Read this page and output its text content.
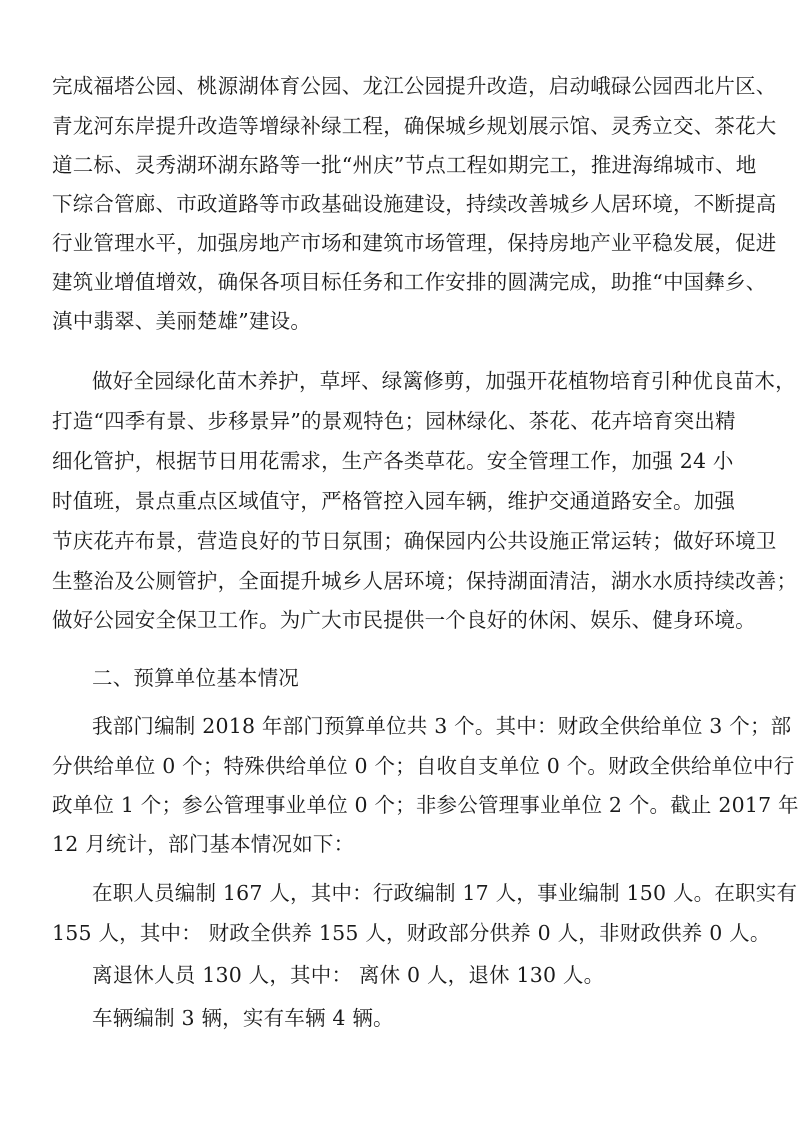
完成福塔公园、桃源湖体育公园、龙江公园提升改造，启动峨碌公园西北片区、
青龙河东岸提升改造等增绿补绿工程，确保城乡规划展示馆、灵秀立交、茶花大
道二标、灵秀湖环湖东路等一批“州庆”节点工程如期完工，推进海绵城市、地
下综合管廊、市政道路等市政基础设施建设，持续改善城乡人居环境，不断提高
行业管理水平，加强房地产市场和建筑市场管理，保持房地产业平稳发展，促进
建筑业增值增效，确保各项目标任务和工作安排的圆满完成，助推“中国彝乡、
滇中翡翠、美丽楚雄”建设。
做好全园绿化苗木养护，草坪、绿篱修剪，加强开花植物培育引种优良苗木，
打造“四季有景、步移景异”的景观特色；园林绿化、茶花、花卉培育突出精
细化管护，根据节日用花需求，生产各类草花。安全管理工作，加强 24 小
时值班，景点重点区域值守，严格管控入园车辆，维护交通道路安全。加强
节庆花卉布景，营造良好的节日氛围；确保园内公共设施正常运转；做好环境卫
生整治及公厕管护，全面提升城乡人居环境；保持湖面清洁，湖水水质持续改善；
做好公园安全保卫工作。为广大市民提供一个良好的休闲、娱乐、健身环境。
二、预算单位基本情况
我部门编制 2018 年部门预算单位共 3 个。其中：财政全供给单位 3 个；部
分供给单位 0 个；特殊供给单位 0 个；自收自支单位 0 个。财政全供给单位中行
政单位 1 个；参公管理事业单位 0 个；非参公管理事业单位 2 个。截止 2017 年
12 月统计，部门基本情况如下：
在职人员编制 167 人，其中：行政编制 17 人，事业编制 150 人。在职实有
155 人，其中： 财政全供养 155 人，财政部分供养 0 人，非财政供养 0 人。
离退休人员 130 人，其中： 离休 0 人，退休 130 人。
车辆编制 3 辆，实有车辆 4 辆。
